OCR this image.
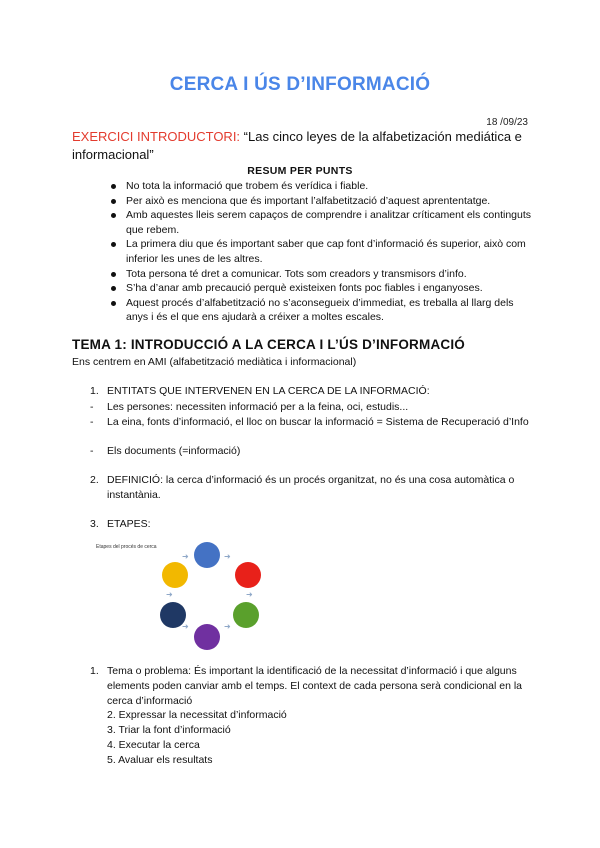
CERCA I ÚS D’INFORMACIÓ
18 /09/23
EXERCICI INTRODUCTORI: “Las cinco leyes de la alfabetización mediática e informacional”
RESUM PER PUNTS
No tota la informació que trobem és verídica i fiable.
Per això es menciona que és important l’alfabetització d’aquest aprententatge.
Amb aquestes lleis serem capaços de comprendre i analitzar críticament els continguts que rebem.
La primera diu que és important saber que cap font d’informació és superior, això com inferior les unes de les altres.
Tota persona té dret a comunicar. Tots som creadors y transmisors d’info.
S’ha d’anar amb precaució perquè existeixen fonts poc fiables i enganyoses.
Aquest procés d’alfabetització no s’aconsegueix d’immediat, es treballa al llarg dels anys i és el que ens ajudarà a créixer a moltes escales.
TEMA 1: INTRODUCCIÓ A LA CERCA I L’ÚS D’INFORMACIÓ
Ens centrem en AMI (alfabetització mediàtica i informacional)
1. ENTITATS QUE INTERVENEN EN LA CERCA DE LA INFORMACIÓ:
-	Les persones: necessiten informació per a la feina, oci, estudis...
-	La eina, fonts d’informació, el lloc on buscar la informació = Sistema de Recuperació d’Info
-	Els documents (=informació)
2. DEFINICIÓ: la cerca d’informació és un procés organitzat, no és una cosa automàtica o instantània.
3. ETAPES:
Etapes del procés de cerca
➜
➜
➜
➜
➜
➜
1. Tema o problema: És important la identificació de la necessitat d’informació i que alguns elements poden canviar amb el temps. El context de cada persona serà condicional en la cerca d’informació
2. Expressar la necessitat d’informació
3. Triar la font d’informació
4. Executar la cerca
5. Avaluar els resultats
